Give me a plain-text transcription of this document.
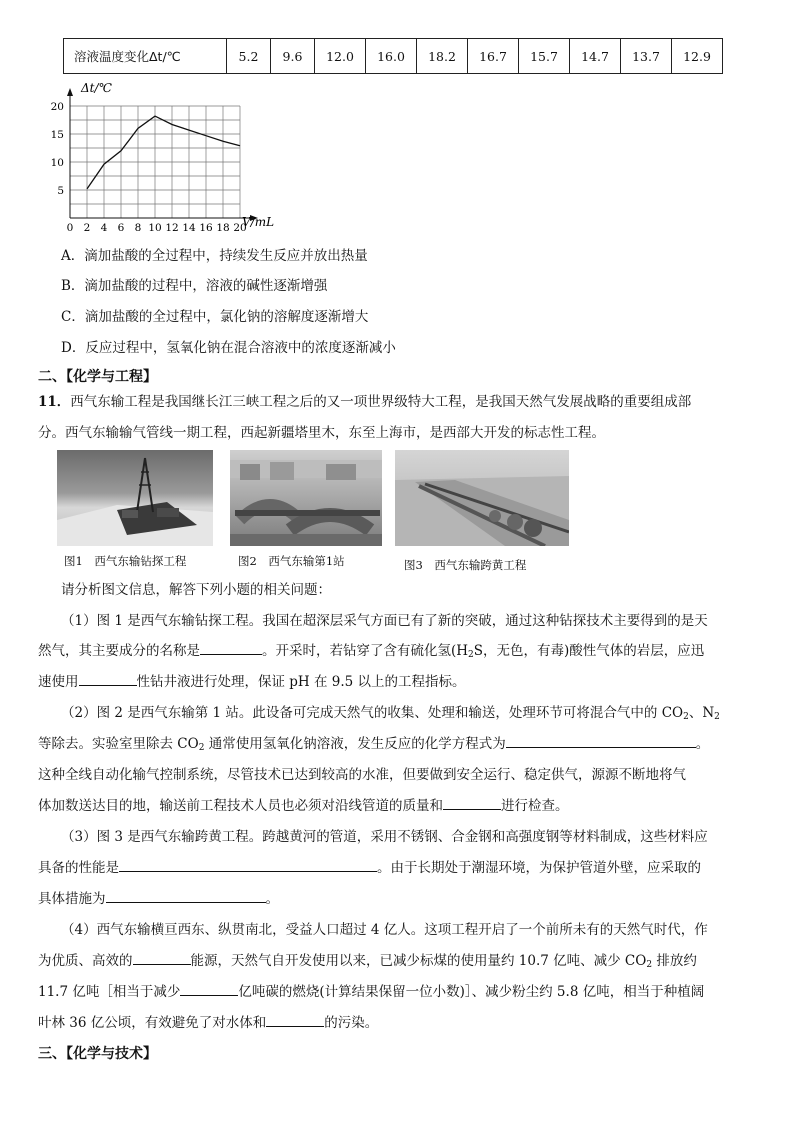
溶液温度变化Δt/℃	5.2	9.6	12.0	16.0	18.2	16.7	15.7	14.7	13.7	12.9
0 2 4 6 8 10 12 14 16 18 20
5
10
15
20
Δt/℃
V/mL
A．滴加盐酸的全过程中，持续发生反应并放出热量
B．滴加盐酸的过程中，溶液的碱性逐渐增强
C．滴加盐酸的全过程中，氯化钠的溶解度逐渐增大
D．反应过程中，氢氧化钠在混合溶液中的浓度逐渐减小
二、【化学与工程】
11．西气东输工程是我国继长江三峡工程之后的又一项世界级特大工程，是我国天然气发展战略的重要组成部
分。西气东输输气管线一期工程，西起新疆塔里木，东至上海市，是西部大开发的标志性工程。
图1　西气东输钻探工程	图2　西气东输第1站	图3　西气东输跨黄工程
请分析图文信息，解答下列小题的相关问题：
（1）图 1 是西气东输钻探工程。我国在超深层采气方面已有了新的突破，通过这种钻探技术主要得到的是天
然气，其主要成分的名称是	。开采时，若钻穿了含有硫化氢($H_2S$，无色，有毒)酸性气体的岩层，应迅
速使用	性钻井液进行处理，保证 pH 在 9.5 以上的工程指标。
（2）图 2 是西气东输第 1 站。此设备可完成天然气的收集、处理和输送，处理环节可将混合气中的 $CO_2$、$N_2$
等除去。实验室里除去 $CO_2$ 通常使用氢氧化钠溶液，发生反应的化学方程式为	。
这种全线自动化输气控制系统，尽管技术已达到较高的水准，但要做到安全运行、稳定供气，源源不断地将气
体加数送达目的地，输送前工程技术人员也必须对沿线管道的质量和	进行检查。
（3）图 3 是西气东输跨黄工程。跨越黄河的管道，采用不锈钢、合金钢和高强度钢等材料制成，这些材料应
具备的性能是	。由于长期处于潮湿环境，为保护管道外壁，应采取的
具体措施为	。
（4）西气东输横亘西东、纵贯南北，受益人口超过 4 亿人。这项工程开启了一个前所未有的天然气时代，作
为优质、高效的	能源，天然气自开发使用以来，已减少标煤的使用量约 10.7 亿吨、减少 $CO_2$ 排放约
11.7 亿吨［相当于减少	亿吨碳的燃烧(计算结果保留一位小数)］、减少粉尘约 5.8 亿吨，相当于种植阔
叶林 36 亿公顷，有效避免了对水体和	的污染。
三、【化学与技术】
